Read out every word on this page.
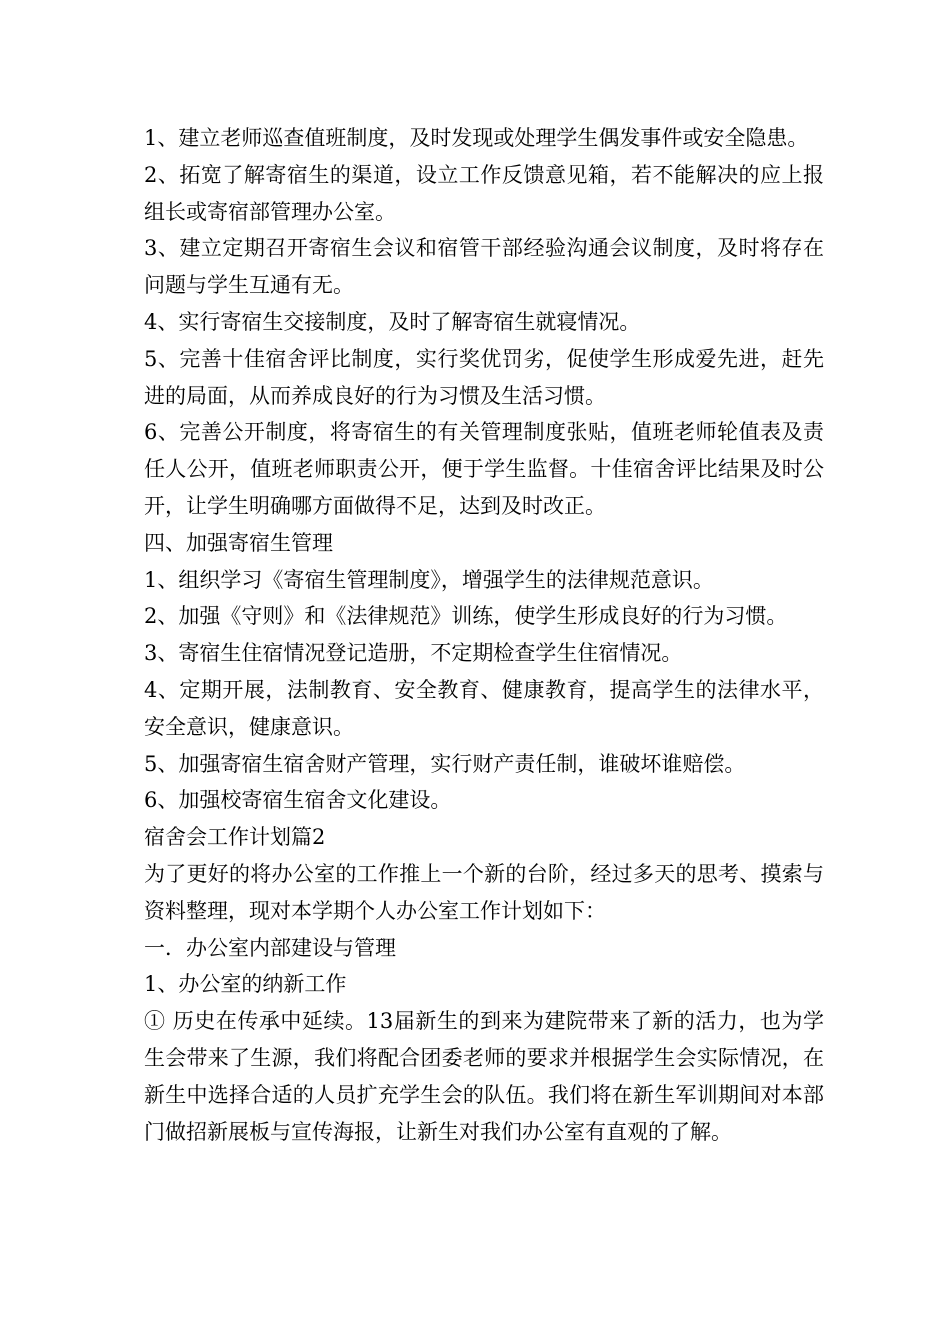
1、建立老师巡查值班制度，及时发现或处理学生偶发事件或安全隐患。

2、拓宽了解寄宿生的渠道，设立工作反馈意见箱，若不能解决的应上报组长或寄宿部管理办公室。

3、建立定期召开寄宿生会议和宿管干部经验沟通会议制度，及时将存在问题与学生互通有无。

4、实行寄宿生交接制度，及时了解寄宿生就寝情况。

5、完善十佳宿舍评比制度，实行奖优罚劣，促使学生形成爱先进，赶先进的局面，从而养成良好的行为习惯及生活习惯。

6、完善公开制度，将寄宿生的有关管理制度张贴，值班老师轮值表及责任人公开，值班老师职责公开，便于学生监督。十佳宿舍评比结果及时公开，让学生明确哪方面做得不足，达到及时改正。

四、加强寄宿生管理

1、组织学习《寄宿生管理制度》，增强学生的法律规范意识。

2、加强《守则》和《法律规范》训练，使学生形成良好的行为习惯。

3、寄宿生住宿情况登记造册，不定期检查学生住宿情况。

4、定期开展，法制教育、安全教育、健康教育，提高学生的法律水平，安全意识，健康意识。

5、加强寄宿生宿舍财产管理，实行财产责任制，谁破坏谁赔偿。

6、加强校寄宿生宿舍文化建设。

宿舍会工作计划篇2

为了更好的将办公室的工作推上一个新的台阶，经过多天的思考、摸索与资料整理，现对本学期个人办公室工作计划如下：

一．办公室内部建设与管理

1、办公室的纳新工作

① 历史在传承中延续。13届新生的到来为建院带来了新的活力，也为学生会带来了生源，我们将配合团委老师的要求并根据学生会实际情况，在新生中选择合适的人员扩充学生会的队伍。我们将在新生军训期间对本部门做招新展板与宣传海报，让新生对我们办公室有直观的了解。
